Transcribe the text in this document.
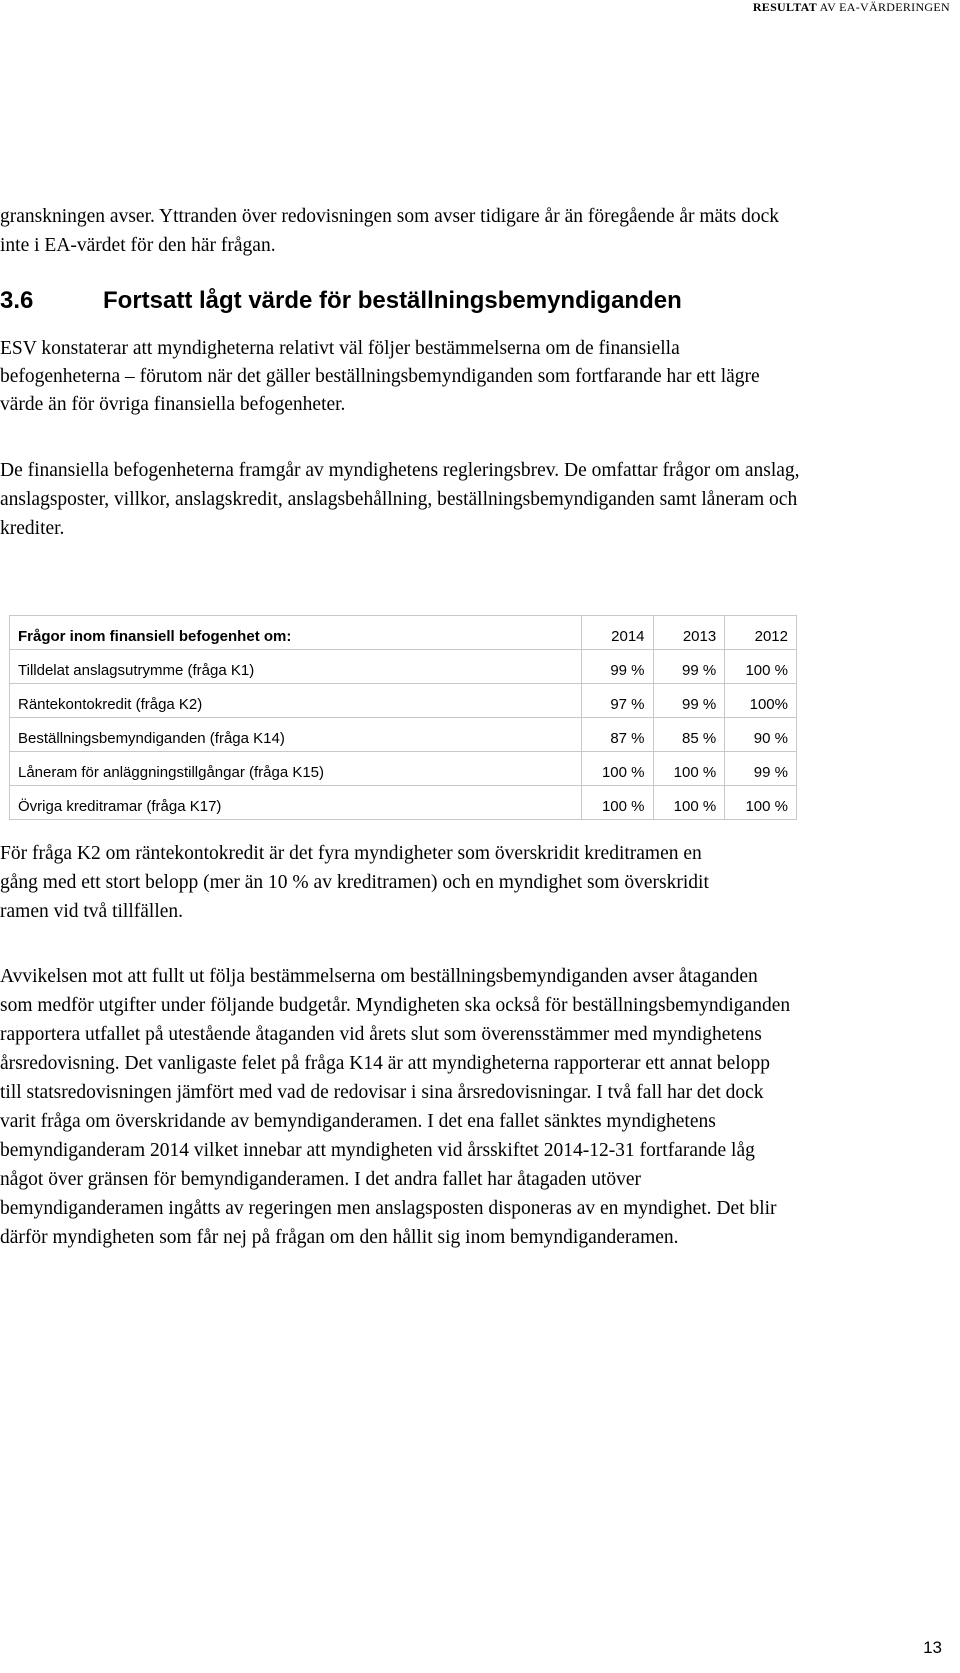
RESULTAT AV EA-VÄRDERINGEN

granskningen avser. Yttranden över redovisningen som avser tidigare år än föregående år mäts dock inte i EA-värdet för den här frågan.

3.6	Fortsatt lågt värde för beställningsbemyndiganden

ESV konstaterar att myndigheterna relativt väl följer bestämmelserna om de finansiella befogenheterna – förutom när det gäller beställningsbemyndiganden som fortfarande har ett lägre värde än för övriga finansiella befogenheter.

De finansiella befogenheterna framgår av myndighetens regleringsbrev. De omfattar frågor om anslag, anslagsposter, villkor, anslagskredit, anslagsbehållning, beställningsbemyndiganden samt låneram och krediter.

Frågor inom finansiell befogenhet om:	2014	2013	2012
Tilldelat anslagsutrymme (fråga K1)	99 %	99 %	100 %
Räntekontokredit (fråga K2)	97 %	99 %	100%
Beställningsbemyndiganden (fråga K14)	87 %	85 %	90 %
Låneram för anläggningstillgångar (fråga K15)	100 %	100 %	99 %
Övriga kreditramar (fråga K17)	100 %	100 %	100 %

För fråga K2 om räntekontokredit är det fyra myndigheter som överskridit kreditramen en gång med ett stort belopp (mer än 10 % av kreditramen) och en myndighet som överskridit ramen vid två tillfällen.

Avvikelsen mot att fullt ut följa bestämmelserna om beställningsbemyndiganden avser åtaganden som medför utgifter under följande budgetår. Myndigheten ska också för beställningsbemyndiganden rapportera utfallet på utestående åtaganden vid årets slut som överensstämmer med myndighetens årsredovisning. Det vanligaste felet på fråga K14 är att myndigheterna rapporterar ett annat belopp till statsredovisningen jämfört med vad de redovisar i sina årsredovisningar. I två fall har det dock varit fråga om överskridande av bemyndiganderamen. I det ena fallet sänktes myndighetens bemyndiganderam 2014 vilket innebar att myndigheten vid årsskiftet 2014-12-31 fortfarande låg något över gränsen för bemyndiganderamen. I det andra fallet har åtagaden utöver bemyndiganderamen ingåtts av regeringen men anslagsposten disponeras av en myndighet. Det blir därför myndigheten som får nej på frågan om den hållit sig inom bemyndiganderamen.

13
